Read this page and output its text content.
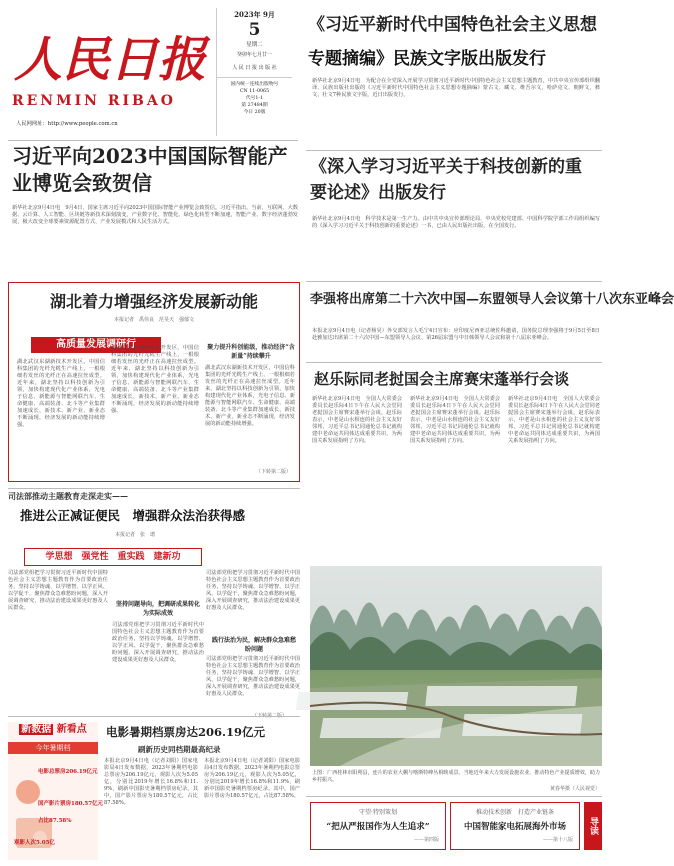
人民日报
RENMIN RIBAO
人民网网址：http://www.people.com.cn
2023年 9月
5
星期二
癸卯年七月廿一
人 民 日 报 出 版 社
国内统一连续出版物号
CN 11-0065
代号1-1
第 27484期
今日 20版
《习近平新时代中国特色社会主义思想
专题摘编》民族文字版出版发行
新华社北京9月4日电　为配合在全党深入开展学习贯彻习近平新时代中国特色社会主义思想主题教育，中共中央宣传部组织翻译、民族出版社出版的《习近平新时代中国特色社会主义思想专题摘编》蒙古文、藏文、维吾尔文、哈萨克文、朝鲜文、彝文、壮文7种民族文字版，近日出版发行。
习近平向2023中国国际智能产业博览会致贺信
新华社北京9月4日电　9月4日，国家主席习近平向2023中国国际智能产业博览会致贺信。习近平指出，当前，互联网、大数据、云计算、人工智能、区块链等新技术深刻演变，产业数字化、智能化、绿色化转型不断加速，智能产业、数字经济蓬勃发展，极大改变全球要素资源配置方式、产业发展模式和人民生活方式。
《深入学习习近平关于科技创新的重要论述》出版发行
新华社北京9月4日电　科学技术是第一生产力。由中共中央宣传部理论局、中央党校党建部、中国科学院学部工作局组织编写的《深入学习习近平关于科技创新的重要论述》一书，已由人民出版社出版，在全国发行。
湖北着力增强经济发展新动能
本报记者　禹伟良　范昊天　强郁文
高质量发展调研行
湖北武汉东湖新技术开发区，中国信科集团的光纤光缆生产线上，一根根细若发丝的光纤正在高速拉丝成型。近年来，湖北坚持以科技创新为引领，加快构建现代化产业体系，光电子信息、新能源与智能网联汽车、生命健康、高端装备、北斗等产业集群加速成长，新技术、新产业、新业态不断涌现，经济发展的新动能持续增强。
湖北武汉东湖新技术开发区，中国信科集团的光纤光缆生产线上，一根根细若发丝的光纤正在高速拉丝成型。近年来，湖北坚持以科技创新为引领，加快构建现代化产业体系，光电子信息、新能源与智能网联汽车、生命健康、高端装备、北斗等产业集群加速成长，新技术、新产业、新业态不断涌现，经济发展的新动能持续增强。
聚力提升科创能级，推动经济“含新量”持续攀升
湖北武汉东湖新技术开发区，中国信科集团的光纤光缆生产线上，一根根细若发丝的光纤正在高速拉丝成型。近年来，湖北坚持以科技创新为引领，加快构建现代化产业体系，光电子信息、新能源与智能网联汽车、生命健康、高端装备、北斗等产业集群加速成长，新技术、新产业、新业态不断涌现，经济发展的新动能持续增强。
（下转第二版）
李强将出席第二十六次中国—东盟领导人会议第十八次东亚峰会
本报北京9月4日电（记者杨昊）外交部发言人毛宁4日宣布：应印度尼西亚总统佐科邀请，国务院总理李强将于9月5日至8日赴雅加达出席第二十六次中国—东盟领导人会议、第26届东盟与中日韩领导人会议和第十八届东亚峰会。
赵乐际同老挝国会主席赛宋蓬举行会谈
新华社北京9月4日电　全国人大常委会委员长赵乐际4日下午在人民大会堂同老挝国会主席赛宋蓬举行会谈。赵乐际表示，中老是山水相连的社会主义友好邻邦，习近平总书记同通伦总书记就构建中老命运共同体达成重要共识，为两国关系发展指明了方向。
新华社北京9月4日电　全国人大常委会委员长赵乐际4日下午在人民大会堂同老挝国会主席赛宋蓬举行会谈。赵乐际表示，中老是山水相连的社会主义友好邻邦，习近平总书记同通伦总书记就构建中老命运共同体达成重要共识，为两国关系发展指明了方向。
新华社北京9月4日电　全国人大常委会委员长赵乐际4日下午在人民大会堂同老挝国会主席赛宋蓬举行会谈。赵乐际表示，中老是山水相连的社会主义友好邻邦，习近平总书记同通伦总书记就构建中老命运共同体达成重要共识，为两国关系发展指明了方向。
司法部推动主题教育走深走实——
推进公正减证便民　增强群众法治获得感
本报记者　张　璁
学思想　强党性　重实践　建新功
司法部党组把学习贯彻习近平新时代中国特色社会主义思想主题教育作为首要政治任务，坚持以学铸魂、以学增智、以学正风、以学促干，聚焦群众急难愁盼问题，深入开展调查研究，推动法治建设成果更好惠及人民群众。	坚持问题导向，把调研成果转化为实际成效
司法部党组把学习贯彻习近平新时代中国特色社会主义思想主题教育作为首要政治任务，坚持以学铸魂、以学增智、以学正风、以学促干，聚焦群众急难愁盼问题，深入开展调查研究，推动法治建设成果更好惠及人民群众。
司法部党组把学习贯彻习近平新时代中国特色社会主义思想主题教育作为首要政治任务，坚持以学铸魂、以学增智、以学正风、以学促干，聚焦群众急难愁盼问题，深入开展调查研究，推动法治建设成果更好惠及人民群众。
践行法治为民，解决群众急难愁盼问题
司法部党组把学习贯彻习近平新时代中国特色社会主义思想主题教育作为首要政治任务，坚持以学铸魂、以学增智、以学正风、以学促干，聚焦群众急难愁盼问题，深入开展调查研究，推动法治建设成果更好惠及人民群众。
上图：广西桂林市阳朔县，连片的农业大棚与喀斯特峰丛相映成景。当地近年来大力发展设施农业，推动特色产业提质增效，助力乡村振兴。
黄春华摄（人民视觉）
新数据 新看点
今年暑期档
电影总票房206.19亿元
国产影片票房180.57亿元
占比87.58%
观影人次5.05亿
电影暑期档票房达206.19亿元
刷新历史同档期最高纪录
本报北京9月4日电（记者刘阳）国家电影局4日发布数据，2023年暑期档电影总票房为206.19亿元，观影人次为5.05亿，分别比2019年增长16.8%和11.9%，刷新中国影史暑期档票房纪录。其中，国产影片票房为180.57亿元，占比87.58%。
本报北京9月4日电（记者刘阳）国家电影局4日发布数据，2023年暑期档电影总票房为206.19亿元，观影人次为5.05亿，分别比2019年增长16.8%和11.9%，刷新中国影史暑期档票房纪录。其中，国产影片票房为180.57亿元，占比87.58%。
守望·特别策划
“把从严报国作为人生追求”
——第四版
推动技术创新　打造产业链条
中国智能家电拓展海外市场
——第十八版
导读
